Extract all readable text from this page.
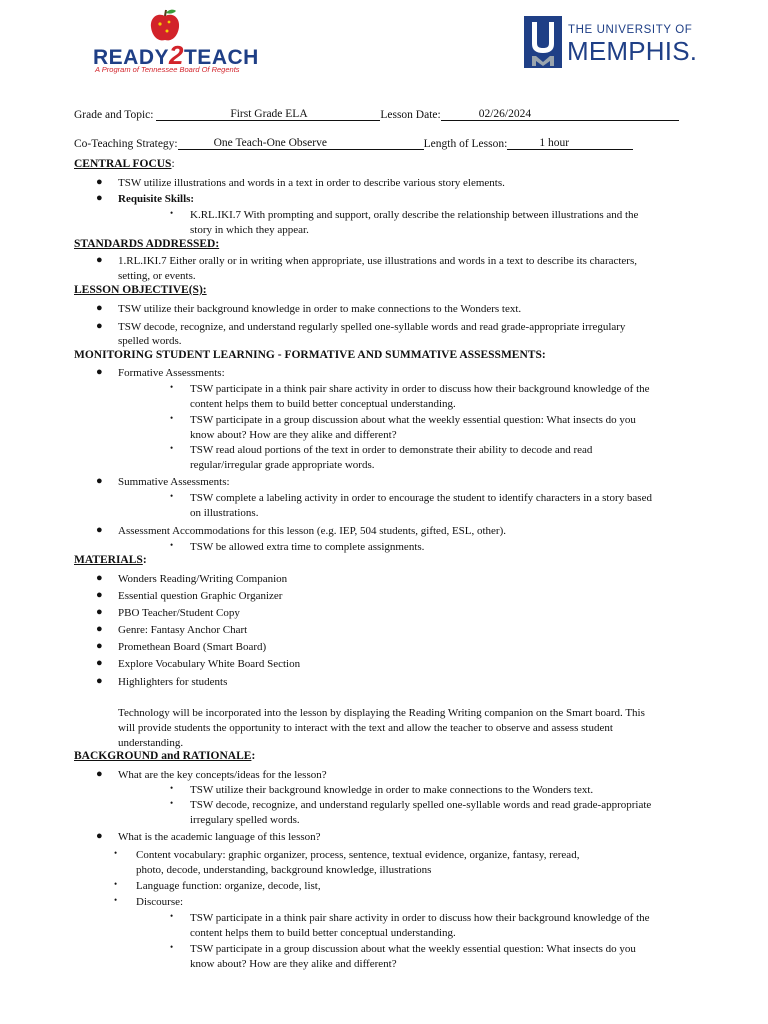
READY2TEACH
A Program of Tennessee Board Of Regents
THE UNIVERSITY OF
MEMPHIS.
Grade and Topic:	First Grade ELA	Lesson Date:	02/26/2024
Co-Teaching Strategy:	One Teach-One Observe	Length of Lesson:	1 hour
CENTRAL FOCUS:
● TSW utilize illustrations and words in a text in order to describe various story elements.
● Requisite Skills:
• K.RL.IKI.7 With prompting and support, orally describe the relationship between illustrations and the
story in which they appear.
STANDARDS ADDRESSED:
● 1.RL.IKI.7 Either orally or in writing when appropriate, use illustrations and words in a text to describe its characters,
setting, or events.
LESSON OBJECTIVE(S):
● TSW utilize their background knowledge in order to make connections to the Wonders text.
● TSW decode, recognize, and understand regularly spelled one-syllable words and read grade-appropriate irregulary
spelled words.
MONITORING STUDENT LEARNING - FORMATIVE AND SUMMATIVE ASSESSMENTS:
● Formative Assessments:
• TSW participate in a think pair share activity in order to discuss how their background knowledge of the
content helps them to build better conceptual understanding.
• TSW participate in a group discussion about what the weekly essential question: What insects do you
know about? How are they alike and different?
• TSW read aloud portions of the text in order to demonstrate their ability to decode and read
regular/irregular grade appropriate words.
● Summative Assessments:
• TSW complete a labeling activity in order to encourage the student to identify characters in a story based
on illustrations.
● Assessment Accommodations for this lesson (e.g. IEP, 504 students, gifted, ESL, other).
• TSW be allowed extra time to complete assignments.
MATERIALS:
● Wonders Reading/Writing Companion
● Essential question Graphic Organizer
● PBO Teacher/Student Copy
● Genre: Fantasy Anchor Chart
● Promethean Board (Smart Board)
● Explore Vocabulary White Board Section
● Highlighters for students
Technology will be incorporated into the lesson by displaying the Reading Writing companion on the Smart board. This
will provide students the opportunity to interact with the text and allow the teacher to observe and assess student
understanding.
BACKGROUND and RATIONALE:
● What are the key concepts/ideas for the lesson?
• TSW utilize their background knowledge in order to make connections to the Wonders text.
• TSW decode, recognize, and understand regularly spelled one-syllable words and read grade-appropriate
irregulary spelled words.
● What is the academic language of this lesson?
• Content vocabulary: graphic organizer, process, sentence, textual evidence, organize, fantasy, reread,
photo, decode, understanding, background knowledge, illustrations
• Language function: organize, decode, list,
• Discourse:
• TSW participate in a think pair share activity in order to discuss how their background knowledge of the
content helps them to build better conceptual understanding.
• TSW participate in a group discussion about what the weekly essential question: What insects do you
know about? How are they alike and different?
